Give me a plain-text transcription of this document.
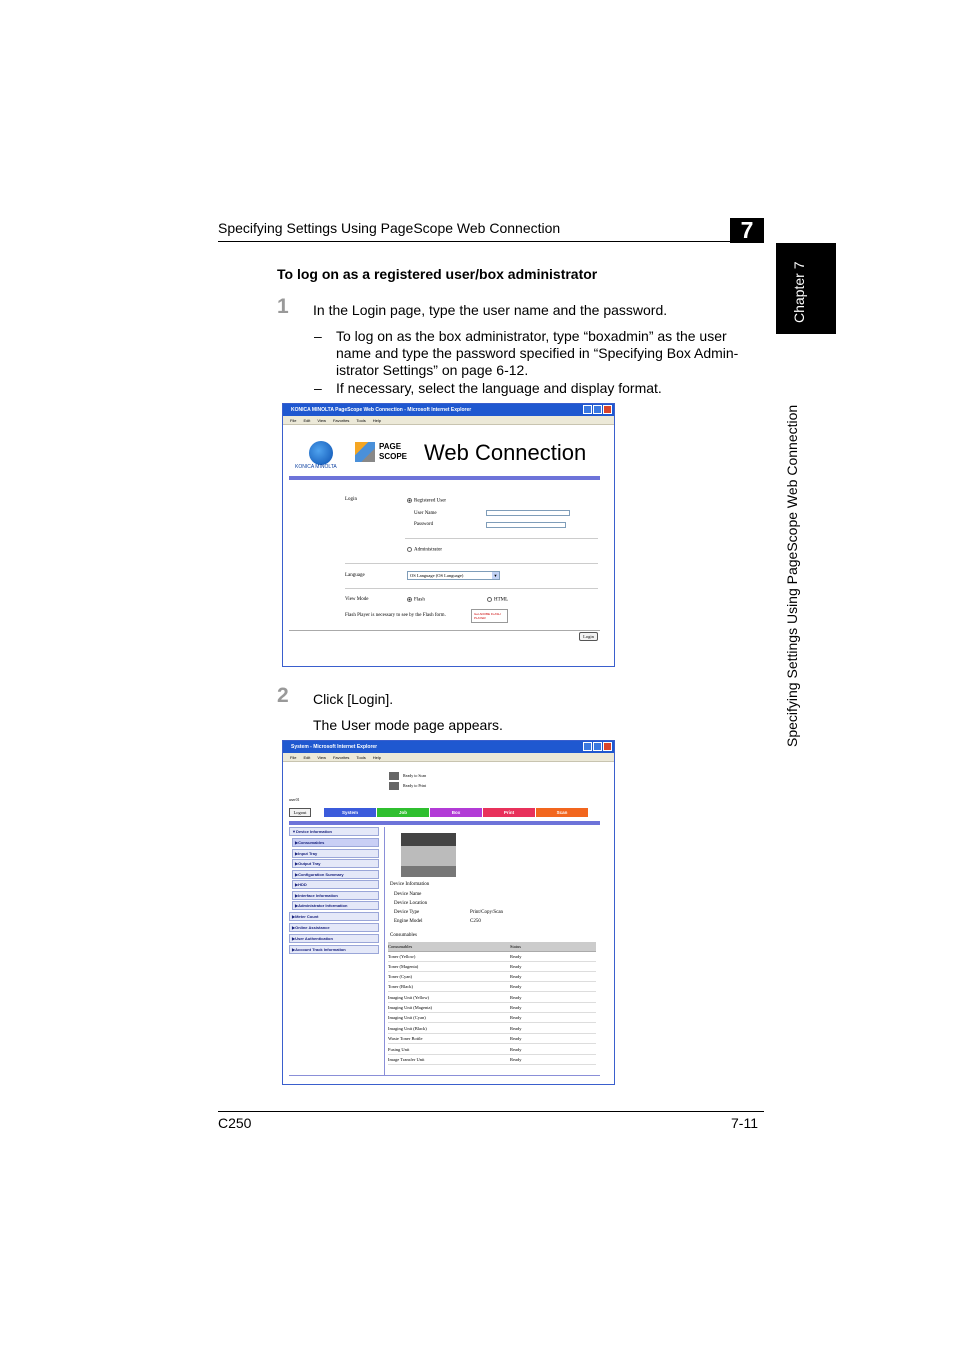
Specifying Settings Using PageScope Web Connection	7
Chapter 7
Specifying Settings Using PageScope Web Connection
To log on as a registered user/box administrator
1 In the Login page, type the user name and the password.
– To log on as the box administrator, type “boxadmin” as the user
name and type the password specified in “Specifying Box Admin-
istrator Settings” on page 6-12.
– If necessary, select the language and display format.
KONICA MINOLTA PageScope Web Connection - Microsoft Internet Explorer
File Edit View Favorites Tools Help
KONICA MINOLTA
PAGE
SCOPE Web Connection
Login	Registered User
User Name
Password
Administrator
Language	OS Language (OS Language)	▼
View Mode	Flash	HTML
Flash Player is necessary to see by the Flash form.	Get ADOBE FLASH PLAYER
Login
2 Click [Login].
The User mode page appears.
System - Microsoft Internet Explorer
File Edit View Favorites Tools Help
Ready to Scan
Ready to Print
user01
Logout	System	Job	Box	Print	Scan
▼Device Information
▶Consumables
▶Input Tray
▶Output Tray
▶Configuration Summary
▶HDD
▶Interface Information
▶Administrator Information
▶Meter Count
▶Online Assistance
▶User Authentication
▶Account Track Information
Device Information
Device Name
Device Location
Device Type	Print/Copy/Scan
Engine Model	C250
Consumables
Consumables	Status
Toner (Yellow)	Ready
Toner (Magenta)	Ready
Toner (Cyan)	Ready
Toner (Black)	Ready
Imaging Unit (Yellow)	Ready
Imaging Unit (Magenta)	Ready
Imaging Unit (Cyan)	Ready
Imaging Unit (Black)	Ready
Waste Toner Bottle	Ready
Fusing Unit	Ready
Image Transfer Unit	Ready
C250	7-11
